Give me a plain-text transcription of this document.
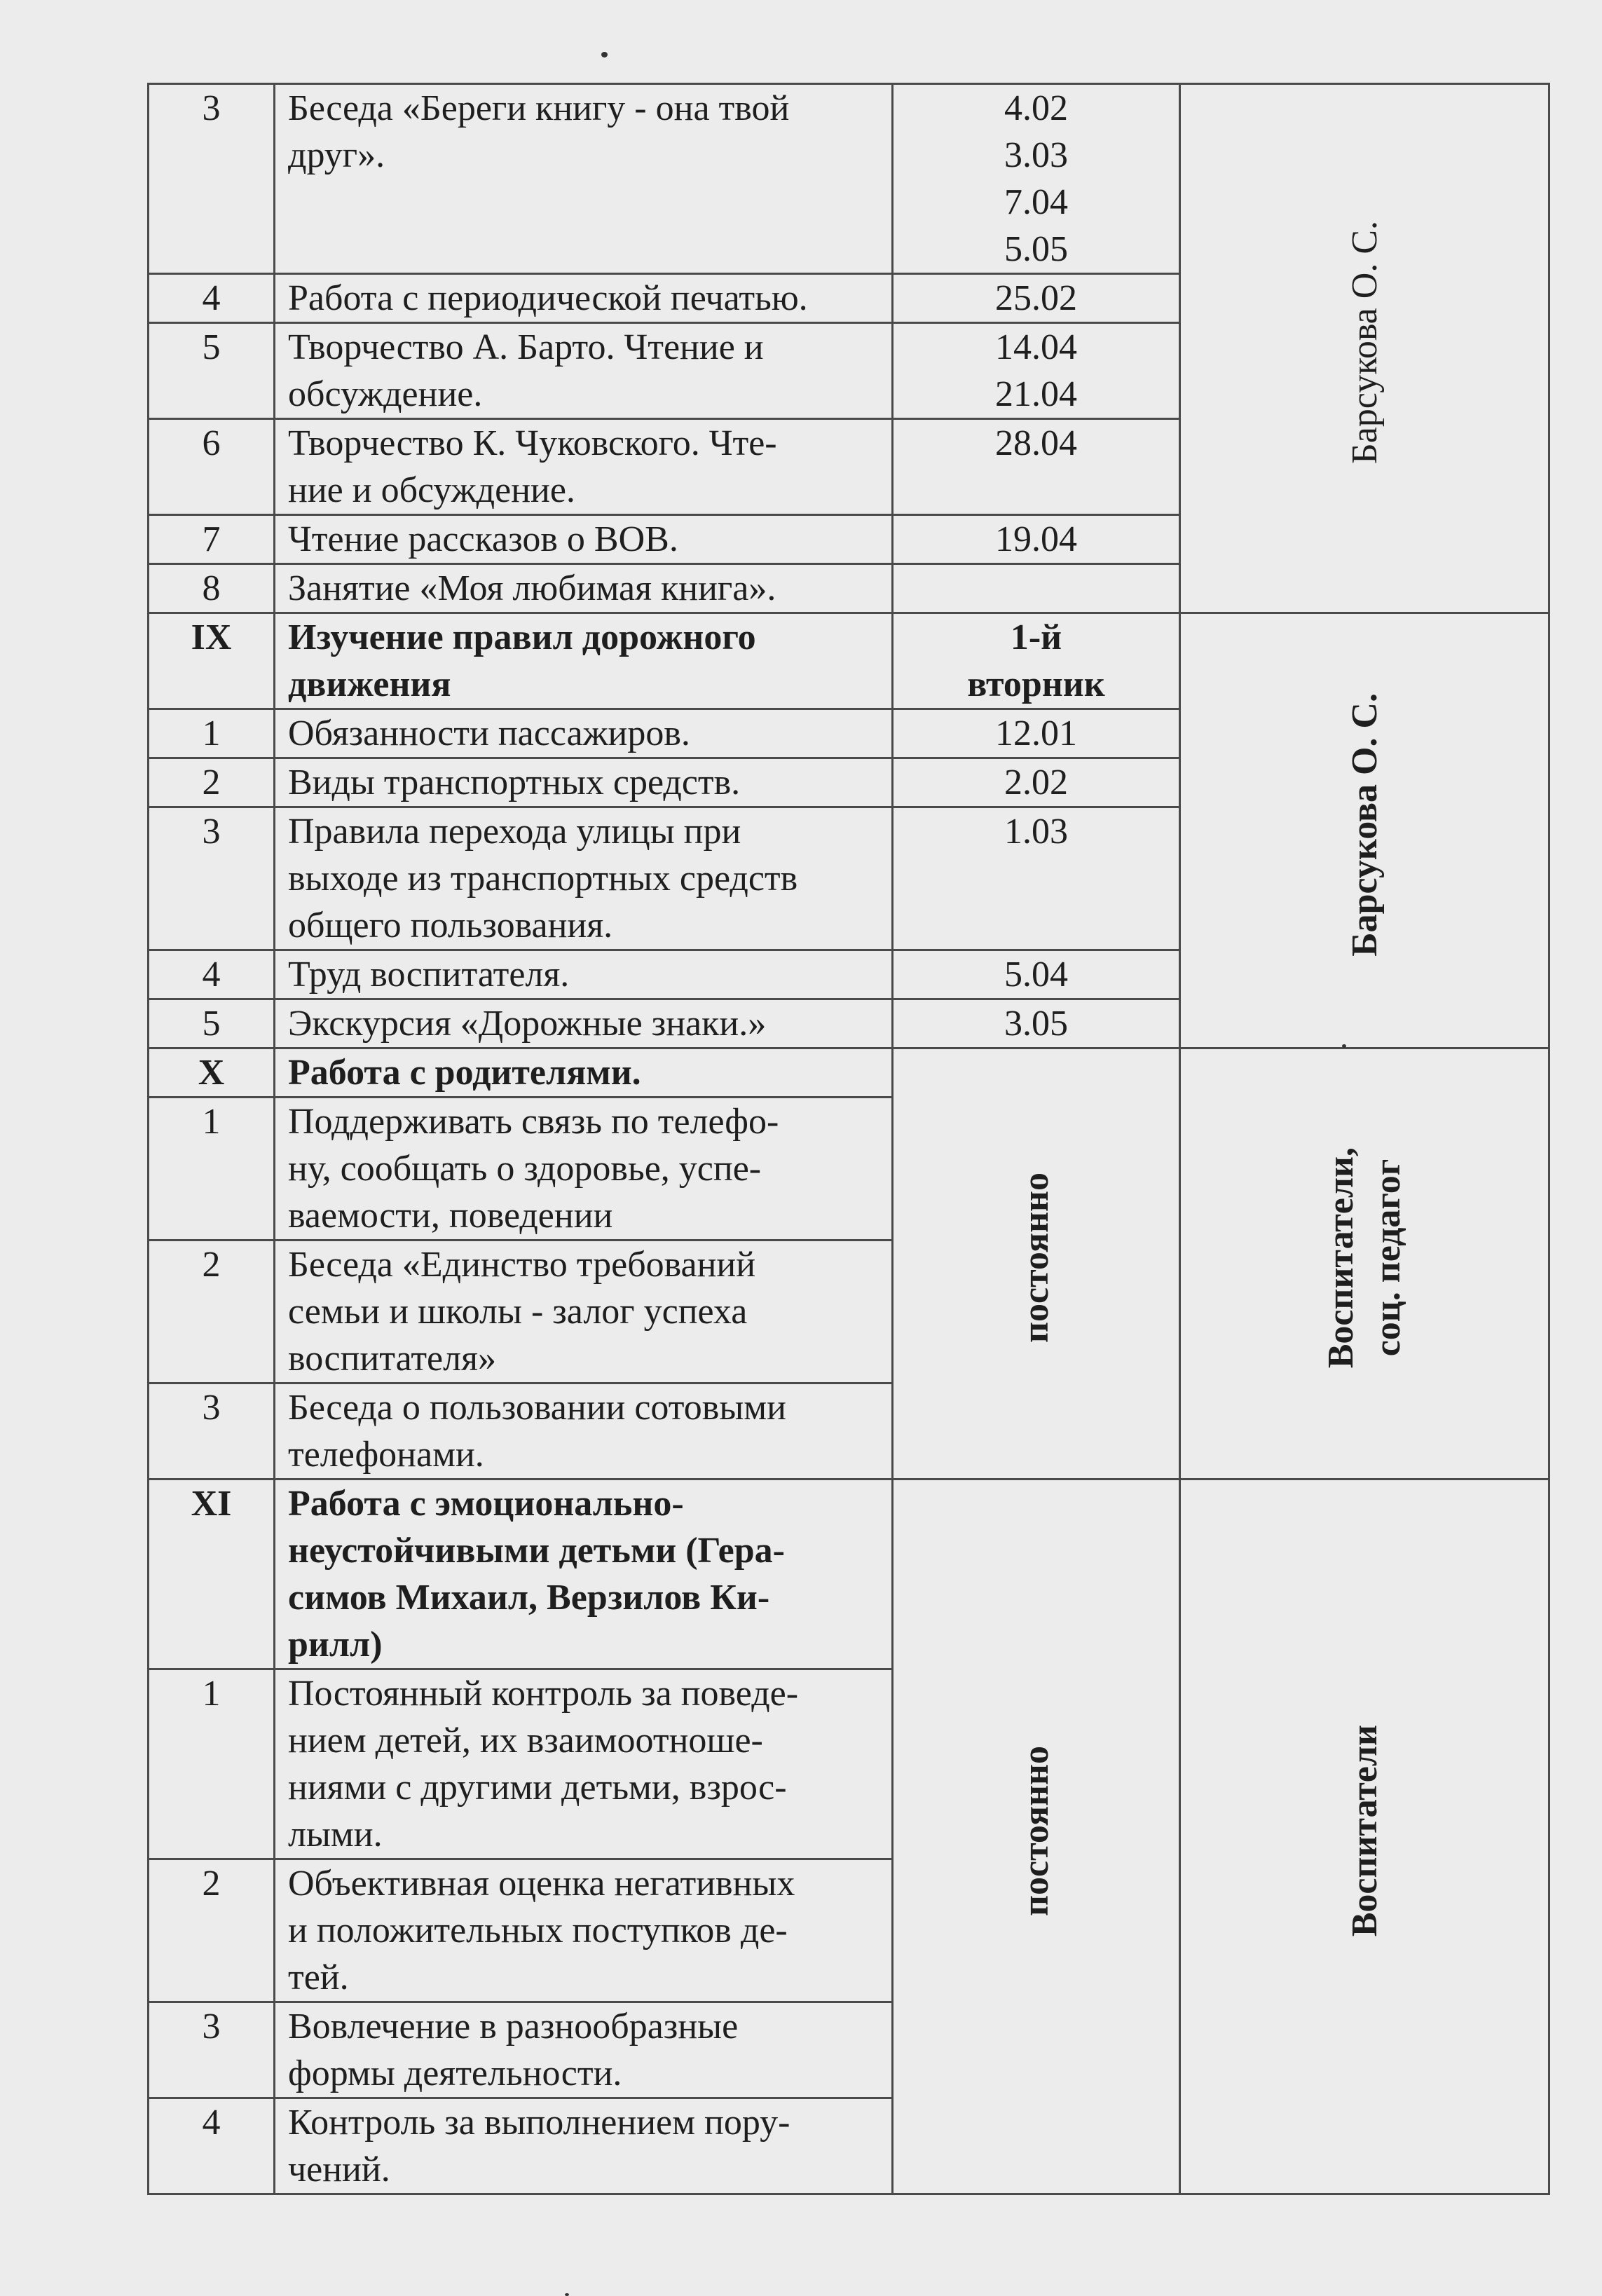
3	Беседа «Береги книгу - она твой
друг».	4.02
3.03
7.04
5.05	Барсукова О. С.

4	Работа с периодической печатью.	25.02	

5	Творчество А. Барто. Чтение и
обсуждение.	14.04
21.04	

6	Творчество К. Чуковского. Чте-
ние и обсуждение.	28.04	

7	Чтение рассказов о ВОВ.	19.04	

8	Занятие «Моя любимая книга».		

IX	Изучение правил дорожного
движения	1-й
вторник	Барсукова О. С.

1	Обязанности пассажиров.	12.01	

2	Виды транспортных средств.	2.02	

3	Правила перехода улицы при
выходе из транспортных средств
общего пользования.	1.03	

4	Труд воспитателя.	5.04	

5	Экскурсия «Дорожные знаки.»	3.05	

X	Работа с родителями.	постоянно	Воспитатели, соц. педагог

1	Поддерживать связь по телефо-
ну, сообщать о здоровье, успе-
ваемости, поведении		

2	Беседа «Единство требований
семьи и школы - залог успеха
воспитателя»		

3	Беседа о пользовании сотовыми
телефонами.		

XI	Работа с эмоционально-
неустойчивыми детьми (Гера-
симов Михаил, Верзилов Ки-
рилл)	постоянно	Воспитатели

1	Постоянный контроль за поведе-
нием детей, их взаимоотноше-
ниями с другими детьми, взрос-
лыми.		

2	Объективная оценка негативных
и положительных поступков де-
тей.		

3	Вовлечение в разнообразные
формы деятельности.		

4	Контроль за выполнением пору-
чений.		
